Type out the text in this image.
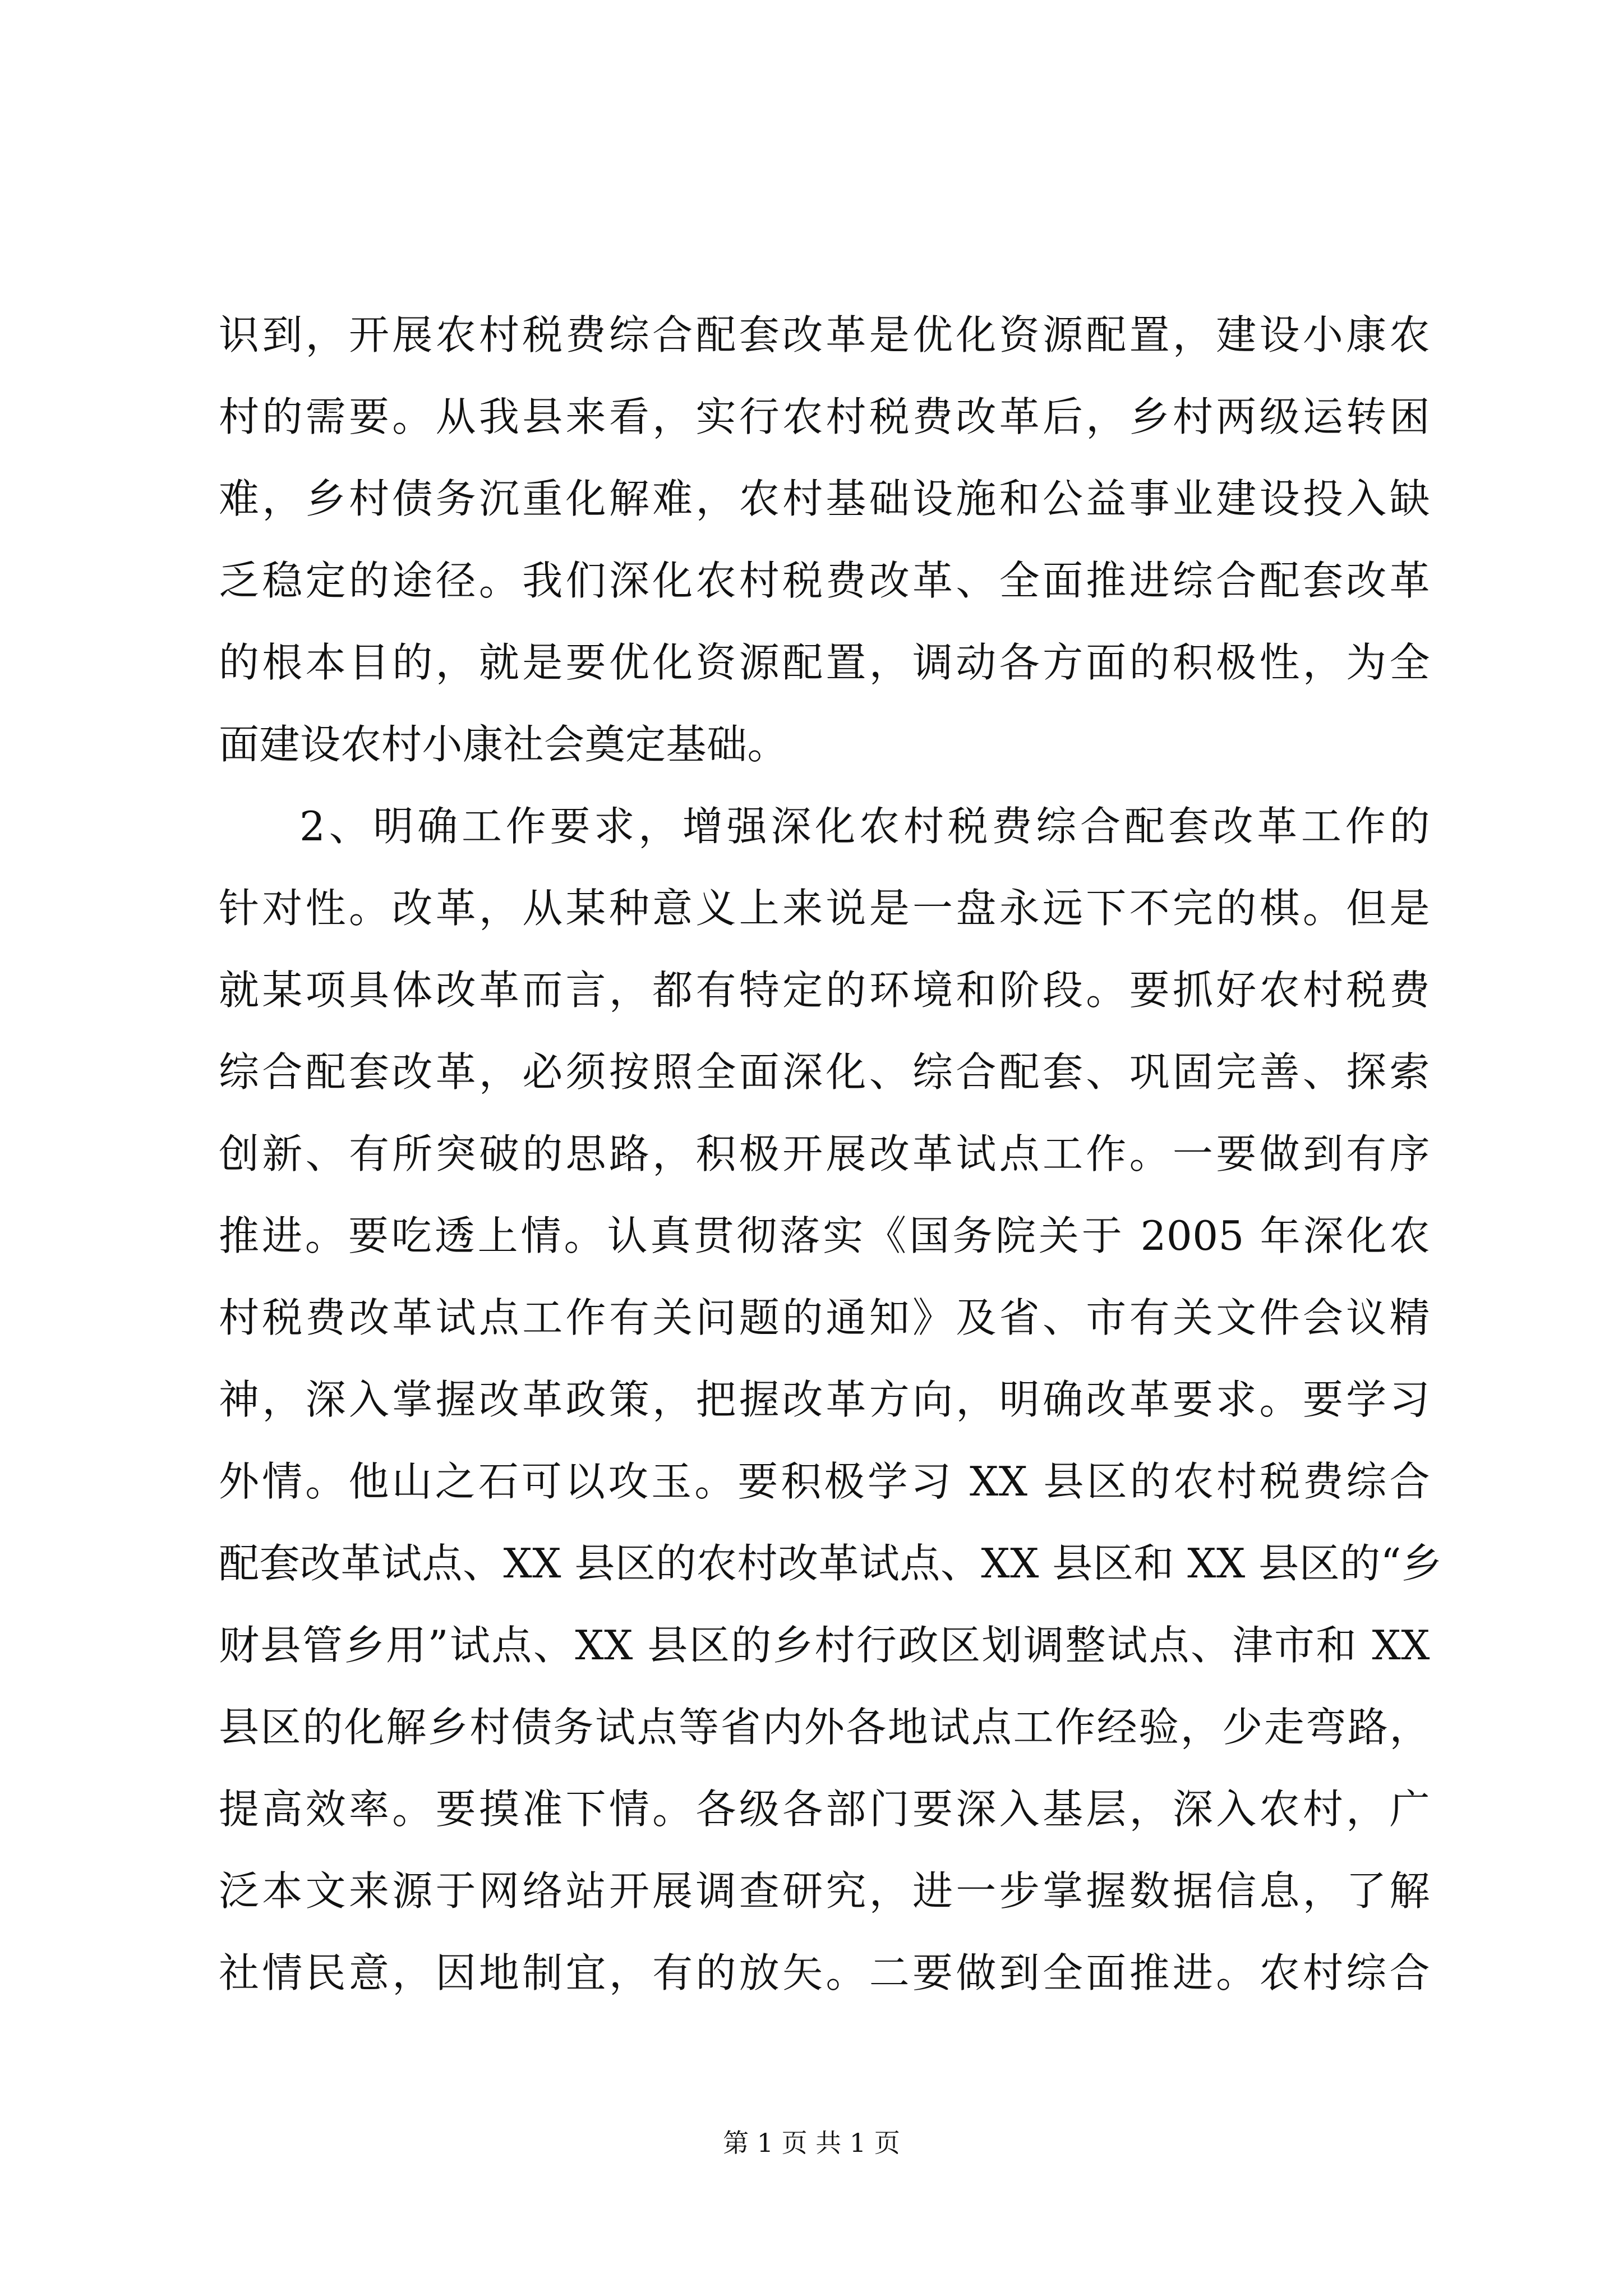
识到，开展农村税费综合配套改革是优化资源配置，建设小康农
村的需要。从我县来看，实行农村税费改革后，乡村两级运转困
难，乡村债务沉重化解难，农村基础设施和公益事业建设投入缺
乏稳定的途径。我们深化农村税费改革、全面推进综合配套改革
的根本目的，就是要优化资源配置，调动各方面的积极性，为全
面建设农村小康社会奠定基础。
2、明确工作要求，增强深化农村税费综合配套改革工作的
针对性。改革，从某种意义上来说是一盘永远下不完的棋。但是
就某项具体改革而言，都有特定的环境和阶段。要抓好农村税费
综合配套改革，必须按照全面深化、综合配套、巩固完善、探索
创新、有所突破的思路，积极开展改革试点工作。一要做到有序
推进。要吃透上情。认真贯彻落实《国务院关于 2005 年深化农
村税费改革试点工作有关问题的通知》及省、市有关文件会议精
神，深入掌握改革政策，把握改革方向，明确改革要求。要学习
外情。他山之石可以攻玉。要积极学习 XX 县区的农村税费综合
配套改革试点、XX 县区的农村改革试点、XX 县区和 XX 县区的“乡
财县管乡用”试点、XX 县区的乡村行政区划调整试点、津市和 XX
县区的化解乡村债务试点等省内外各地试点工作经验，少走弯路，
提高效率。要摸准下情。各级各部门要深入基层，深入农村，广
泛本文来源于网络站开展调查研究，进一步掌握数据信息，了解
社情民意，因地制宜，有的放矢。二要做到全面推进。农村综合
第 1 页 共 1 页
